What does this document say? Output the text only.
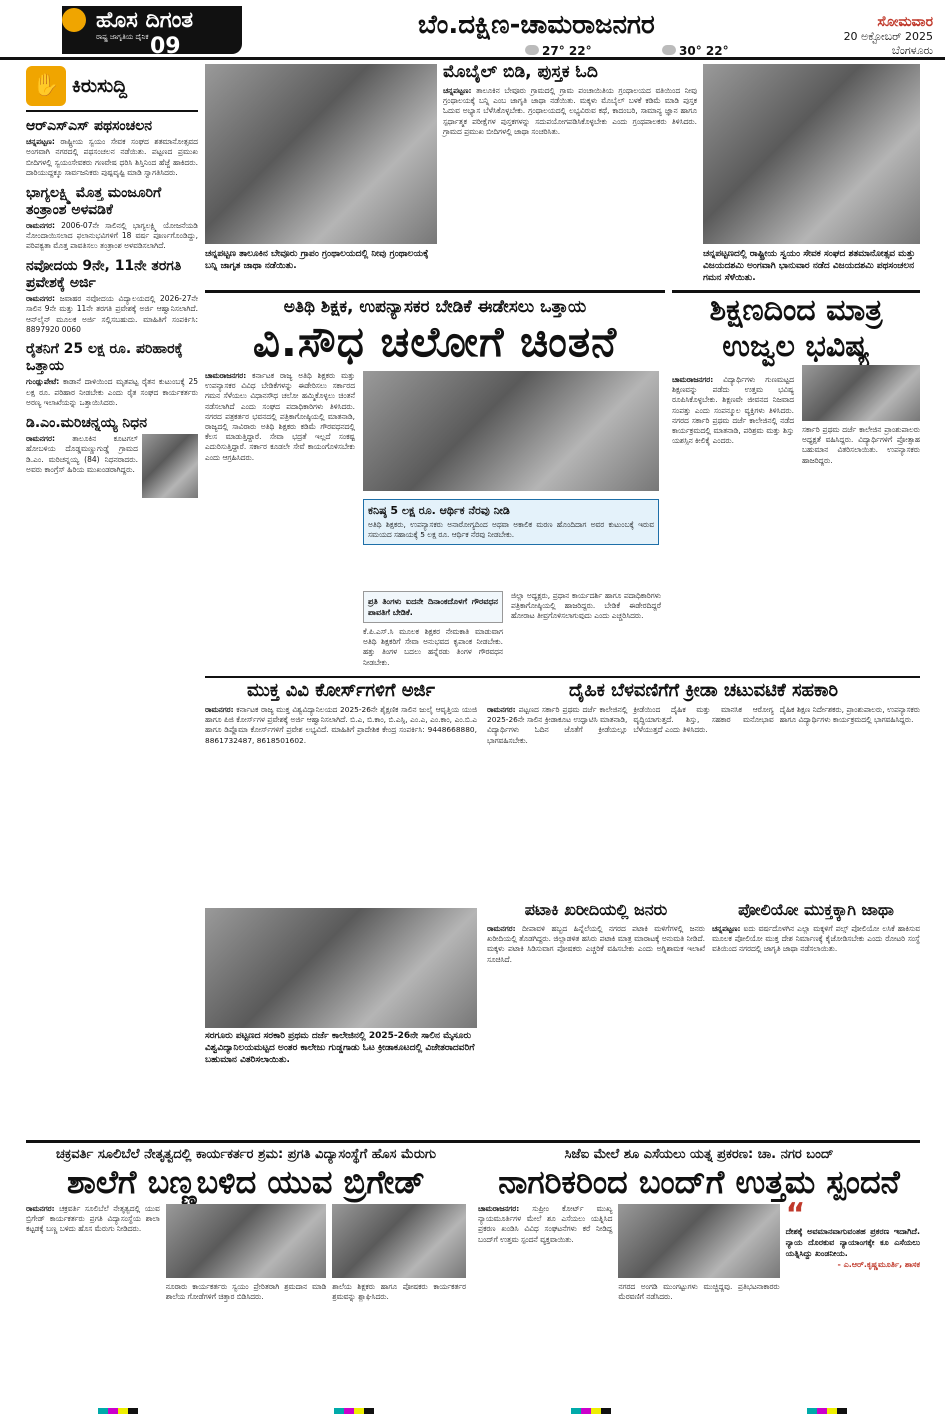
ಹೊಸ ದಿಗಂತ
ರಾಷ್ಟ್ರ ಜಾಗೃತಿಯ ದೈನಿಕ 09
ಬೆಂ.ದಕ್ಷಿಣ-ಚಾಮರಾಜನಗರ
27° 22°	30° 22°
ಸೋಮವಾರ
20 ಅಕ್ಟೋಬರ್ 2025
ಬೆಂಗಳೂರು
✋ ಕಿರುಸುದ್ದಿ
ಆರ್‌ಎಸ್‌ಎಸ್ ಪಥಸಂಚಲನ

ಚನ್ನಪಟ್ಟಣ: ರಾಷ್ಟ್ರೀಯ ಸ್ವಯಂ ಸೇವಕ ಸಂಘದ ಶತಮಾನೋತ್ಸವದ ಅಂಗವಾಗಿ ನಗರದಲ್ಲಿ ಪಥಸಂಚಲನ ನಡೆಯಿತು. ಪಟ್ಟಣದ ಪ್ರಮುಖ ಬೀದಿಗಳಲ್ಲಿ ಸ್ವಯಂಸೇವಕರು ಗಣವೇಷ ಧರಿಸಿ ಶಿಸ್ತಿನಿಂದ ಹೆಜ್ಜೆ ಹಾಕಿದರು. ದಾರಿಯುದ್ದಕ್ಕೂ ಸಾರ್ವಜನಿಕರು ಪುಷ್ಪವೃಷ್ಟಿ ಮಾಡಿ ಸ್ವಾಗತಿಸಿದರು.

ಭಾಗ್ಯಲಕ್ಷ್ಮಿ ಮೊತ್ತ ಮಂಜೂರಿಗೆ ತಂತ್ರಾಂಶ ಅಳವಡಿಕೆ

ರಾಮನಗರ: 2006-07ನೇ ಸಾಲಿನಲ್ಲಿ ಭಾಗ್ಯಲಕ್ಷ್ಮಿ ಯೋಜನೆಯಡಿ ನೋಂದಾಯಿಸಲಾದ ಫಲಾನುಭವಿಗಳಿಗೆ 18 ವರ್ಷ ಪೂರ್ಣಗೊಂಡಿದ್ದು, ಪರಿಪಕ್ವತಾ ಮೊತ್ತ ಪಾವತಿಸಲು ತಂತ್ರಾಂಶ ಅಳವಡಿಸಲಾಗಿದೆ.

ನವೋದಯ 9ನೇ, 11ನೇ ತರಗತಿ ಪ್ರವೇಶಕ್ಕೆ ಅರ್ಜಿ

ರಾಮನಗರ: ಜವಾಹರ ನವೋದಯ ವಿದ್ಯಾಲಯದಲ್ಲಿ 2026-27ನೇ ಸಾಲಿನ 9ನೇ ಮತ್ತು 11ನೇ ತರಗತಿ ಪ್ರವೇಶಕ್ಕೆ ಅರ್ಜಿ ಆಹ್ವಾನಿಸಲಾಗಿದೆ. ಆನ್‌ಲೈನ್ ಮೂಲಕ ಅರ್ಜಿ ಸಲ್ಲಿಸಬಹುದು. ಮಾಹಿತಿಗೆ ಸಂಪರ್ಕಿಸಿ: 8897920 0060

ರೈತನಿಗೆ 25 ಲಕ್ಷ ರೂ. ಪರಿಹಾರಕ್ಕೆ ಒತ್ತಾಯ

ಗುಂಡ್ಲುಪೇಟೆ: ಕಾಡಾನೆ ದಾಳಿಯಿಂದ ಮೃತಪಟ್ಟ ರೈತನ ಕುಟುಂಬಕ್ಕೆ 25 ಲಕ್ಷ ರೂ. ಪರಿಹಾರ ನೀಡಬೇಕು ಎಂದು ರೈತ ಸಂಘದ ಕಾರ್ಯಕರ್ತರು ಅರಣ್ಯ ಇಲಾಖೆಯನ್ನು ಒತ್ತಾಯಿಸಿದರು.

ಡಿ.ಎಂ.ಮರಿಚನ್ನಯ್ಯ ನಿಧನ

ರಾಮನಗರ: ತಾಲೂಕಿನ ಕೂಟಗಲ್ ಹೋಬಳಿಯ ದೊಡ್ಡಮಣ್ಣುಗುಡ್ಡೆ ಗ್ರಾಮದ ಡಿ.ಎಂ. ಮರಿಚನ್ನಯ್ಯ (84) ನಿಧನರಾದರು. ಅವರು ಕಾಂಗ್ರೆಸ್ ಹಿರಿಯ ಮುಖಂಡರಾಗಿದ್ದರು.

ಚನ್ನಪಟ್ಟಣ ತಾಲೂಕಿನ ಬೇವೂರು ಗ್ರಾಪಂ ಗ್ರಂಥಾಲಯದಲ್ಲಿ ನೀವು ಗ್ರಂಥಾಲಯಕ್ಕೆ ಬನ್ನಿ ಜಾಗೃತ ಜಾಥಾ ನಡೆಯಿತು.
ಮೊಬೈಲ್ ಬಿಡಿ, ಪುಸ್ತಕ ಓದಿ

ಚನ್ನಪಟ್ಟಣ: ತಾಲೂಕಿನ ಬೇವೂರು ಗ್ರಾಮದಲ್ಲಿ ಗ್ರಾಮ ಪಂಚಾಯಿತಿಯ ಗ್ರಂಥಾಲಯದ ವತಿಯಿಂದ ನೀವು ಗ್ರಂಥಾಲಯಕ್ಕೆ ಬನ್ನಿ ಎಂಬ ಜಾಗೃತಿ ಜಾಥಾ ನಡೆಯಿತು. ಮಕ್ಕಳು ಮೊಬೈಲ್ ಬಳಕೆ ಕಡಿಮೆ ಮಾಡಿ ಪುಸ್ತಕ ಓದುವ ಅಭ್ಯಾಸ ಬೆಳೆಸಿಕೊಳ್ಳಬೇಕು. ಗ್ರಂಥಾಲಯದಲ್ಲಿ ಲಭ್ಯವಿರುವ ಕಥೆ, ಕಾದಂಬರಿ, ಸಾಮಾನ್ಯ ಜ್ಞಾನ ಹಾಗೂ ಸ್ಪರ್ಧಾತ್ಮಕ ಪರೀಕ್ಷೆಗಳ ಪುಸ್ತಕಗಳನ್ನು ಸದುಪಯೋಗಪಡಿಸಿಕೊಳ್ಳಬೇಕು ಎಂದು ಗ್ರಂಥಪಾಲಕರು ತಿಳಿಸಿದರು. ಗ್ರಾಮದ ಪ್ರಮುಖ ಬೀದಿಗಳಲ್ಲಿ ಜಾಥಾ ಸಂಚರಿಸಿತು.

ಚನ್ನಪಟ್ಟಣದಲ್ಲಿ ರಾಷ್ಟ್ರೀಯ ಸ್ವಯಂ ಸೇವಕ ಸಂಘದ ಶತಮಾನೋತ್ಸವ ಮತ್ತು ವಿಜಯದಶಮಿ ಅಂಗವಾಗಿ ಭಾನುವಾರ ನಡೆದ ವಿಜಯದಶಮಿ ಪಥಸಂಚಲನ ಗಮನ ಸೆಳೆಯಿತು.
ಅತಿಥಿ ಶಿಕ್ಷಕ, ಉಪನ್ಯಾಸಕರ ಬೇಡಿಕೆ ಈಡೇಸಲು ಒತ್ತಾಯ
ವಿ.ಸೌಧ ಚಲೋಗೆ ಚಿಂತನೆ
ಚಾಮರಾಜನಗರ: ಕರ್ನಾಟಕ ರಾಜ್ಯ ಅತಿಥಿ ಶಿಕ್ಷಕರು ಮತ್ತು ಉಪನ್ಯಾಸಕರ ವಿವಿಧ ಬೇಡಿಕೆಗಳನ್ನು ಈಡೇರಿಸಲು ಸರ್ಕಾರದ ಗಮನ ಸೆಳೆಯಲು ವಿಧಾನಸೌಧ ಚಲೋ ಹಮ್ಮಿಕೊಳ್ಳಲು ಚಿಂತನೆ ನಡೆಸಲಾಗಿದೆ ಎಂದು ಸಂಘದ ಪದಾಧಿಕಾರಿಗಳು ತಿಳಿಸಿದರು. ನಗರದ ಪತ್ರಕರ್ತರ ಭವನದಲ್ಲಿ ಪತ್ರಿಕಾಗೋಷ್ಠಿಯಲ್ಲಿ ಮಾತನಾಡಿ, ರಾಜ್ಯದಲ್ಲಿ ಸಾವಿರಾರು ಅತಿಥಿ ಶಿಕ್ಷಕರು ಕಡಿಮೆ ಗೌರವಧನದಲ್ಲಿ ಕೆಲಸ ಮಾಡುತ್ತಿದ್ದಾರೆ. ಸೇವಾ ಭದ್ರತೆ ಇಲ್ಲದೆ ಸಂಕಷ್ಟ ಎದುರಿಸುತ್ತಿದ್ದಾರೆ. ಸರ್ಕಾರ ಕೂಡಲೇ ಸೇವೆ ಕಾಯಂಗೊಳಿಸಬೇಕು ಎಂದು ಆಗ್ರಹಿಸಿದರು.
ಕನಿಷ್ಠ 5 ಲಕ್ಷ ರೂ. ಆರ್ಥಿಕ ನೆರವು ನೀಡಿ

ಅತಿಥಿ ಶಿಕ್ಷಕರು, ಉಪನ್ಯಾಸಕರು ಅನಾರೋಗ್ಯದಿಂದ ಅಥವಾ ಅಕಾಲಿಕ ಮರಣ ಹೊಂದಿದಾಗ ಅವರ ಕುಟುಂಬಕ್ಕೆ ಇರುವ ಸಮಯದ ಸಹಾಯಕ್ಕೆ 5 ಲಕ್ಷ ರೂ. ಆರ್ಥಿಕ ನೆರವು ನೀಡಬೇಕು.

ಪ್ರತಿ ತಿಂಗಳು ಐದನೇ ದಿನಾಂಕದೊಳಗೆ ಗೌರವಧನ ಪಾವತಿಗೆ ಬೇಡಿಕೆ.
ಕೆ.ಪಿ.ಎಸ್.ಸಿ ಮೂಲಕ ಶಿಕ್ಷಕರ ನೇಮಕಾತಿ ಮಾಡುವಾಗ ಅತಿಥಿ ಶಿಕ್ಷಕರಿಗೆ ಸೇವಾ ಅನುಭವದ ಕೃಪಾಂಕ ನೀಡಬೇಕು. ಹತ್ತು ತಿಂಗಳ ಬದಲು ಹನ್ನೆರಡು ತಿಂಗಳ ಗೌರವಧನ ನೀಡಬೇಕು.
ಜಿಲ್ಲಾ ಅಧ್ಯಕ್ಷರು, ಪ್ರಧಾನ ಕಾರ್ಯದರ್ಶಿ ಹಾಗೂ ಪದಾಧಿಕಾರಿಗಳು ಪತ್ರಿಕಾಗೋಷ್ಠಿಯಲ್ಲಿ ಹಾಜರಿದ್ದರು. ಬೇಡಿಕೆ ಈಡೇರದಿದ್ದರೆ ಹೋರಾಟ ತೀವ್ರಗೊಳಿಸಲಾಗುವುದು ಎಂದು ಎಚ್ಚರಿಸಿದರು.
ಶಿಕ್ಷಣದಿಂದ ಮಾತ್ರ ಉಜ್ವಲ ಭವಿಷ್ಯ
ಚಾಮರಾಜನಗರ: ವಿದ್ಯಾರ್ಥಿಗಳು ಗುಣಮಟ್ಟದ ಶಿಕ್ಷಣವನ್ನು ಪಡೆದು ಉತ್ತಮ ಭವಿಷ್ಯ ರೂಪಿಸಿಕೊಳ್ಳಬೇಕು. ಶಿಕ್ಷಣವೇ ಜೀವನದ ನಿಜವಾದ ಸಂಪತ್ತು ಎಂದು ಸಂಪನ್ಮೂಲ ವ್ಯಕ್ತಿಗಳು ತಿಳಿಸಿದರು. ನಗರದ ಸರ್ಕಾರಿ ಪ್ರಥಮ ದರ್ಜೆ ಕಾಲೇಜಿನಲ್ಲಿ ನಡೆದ ಕಾರ್ಯಕ್ರಮದಲ್ಲಿ ಮಾತನಾಡಿ, ಪರಿಶ್ರಮ ಮತ್ತು ಶಿಸ್ತು ಯಶಸ್ಸಿನ ಕೀಲಿಕೈ ಎಂದರು.
ಸರ್ಕಾರಿ ಪ್ರಥಮ ದರ್ಜೆ ಕಾಲೇಜಿನ ಪ್ರಾಂಶುಪಾಲರು ಅಧ್ಯಕ್ಷತೆ ವಹಿಸಿದ್ದರು. ವಿದ್ಯಾರ್ಥಿಗಳಿಗೆ ಪ್ರೋತ್ಸಾಹ ಬಹುಮಾನ ವಿತರಿಸಲಾಯಿತು. ಉಪನ್ಯಾಸಕರು ಹಾಜರಿದ್ದರು.
ಮುಕ್ತ ವಿವಿ ಕೋರ್ಸ್‌ಗಳಿಗೆ ಅರ್ಜಿ

ರಾಮನಗರ: ಕರ್ನಾಟಕ ರಾಜ್ಯ ಮುಕ್ತ ವಿಶ್ವವಿದ್ಯಾನಿಲಯದ 2025-26ನೇ ಶೈಕ್ಷಣಿಕ ಸಾಲಿನ ಜುಲೈ ಆವೃತ್ತಿಯ ಯುಜಿ ಹಾಗೂ ಪಿಜಿ ಕೋರ್ಸ್‌ಗಳ ಪ್ರವೇಶಕ್ಕೆ ಅರ್ಜಿ ಆಹ್ವಾನಿಸಲಾಗಿದೆ. ಬಿ.ಎ, ಬಿ.ಕಾಂ, ಬಿ.ಎಸ್ಸಿ, ಎಂ.ಎ, ಎಂ.ಕಾಂ, ಎಂ.ಬಿ.ಎ ಹಾಗೂ ಡಿಪ್ಲೊಮಾ ಕೋರ್ಸ್‌ಗಳಿಗೆ ಪ್ರವೇಶ ಲಭ್ಯವಿದೆ. ಮಾಹಿತಿಗೆ ಪ್ರಾದೇಶಿಕ ಕೇಂದ್ರ ಸಂಪರ್ಕಿಸಿ: 9448668880, 8861732487, 8618501602.

ದೈಹಿಕ ಬೆಳವಣಿಗೆಗೆ ಕ್ರೀಡಾ ಚಟುವಟಿಕೆ ಸಹಕಾರಿ
ರಾಮನಗರ: ಪಟ್ಟಣದ ಸರ್ಕಾರಿ ಪ್ರಥಮ ದರ್ಜೆ ಕಾಲೇಜಿನಲ್ಲಿ 2025-26ನೇ ಸಾಲಿನ ಕ್ರೀಡಾಕೂಟ ಉದ್ಘಾಟಿಸಿ ಮಾತನಾಡಿ, ವಿದ್ಯಾರ್ಥಿಗಳು ಓದಿನ ಜೊತೆಗೆ ಕ್ರೀಡೆಯಲ್ಲೂ ಭಾಗವಹಿಸಬೇಕು.
ಕ್ರೀಡೆಯಿಂದ ದೈಹಿಕ ಮತ್ತು ಮಾನಸಿಕ ಆರೋಗ್ಯ ವೃದ್ಧಿಯಾಗುತ್ತದೆ. ಶಿಸ್ತು, ಸಹಕಾರ ಮನೋಭಾವ ಬೆಳೆಯುತ್ತದೆ ಎಂದು ತಿಳಿಸಿದರು.
ದೈಹಿಕ ಶಿಕ್ಷಣ ನಿರ್ದೇಶಕರು, ಪ್ರಾಂಶುಪಾಲರು, ಉಪನ್ಯಾಸಕರು ಹಾಗೂ ವಿದ್ಯಾರ್ಥಿಗಳು ಕಾರ್ಯಕ್ರಮದಲ್ಲಿ ಭಾಗವಹಿಸಿದ್ದರು.
ಸರಗೂರು ಪಟ್ಟಣದ ಸರಕಾರಿ ಪ್ರಥಮ ದರ್ಜೆ ಕಾಲೇಜಿನಲ್ಲಿ 2025-26ನೇ ಸಾಲಿನ ಮೈಸೂರು ವಿಶ್ವವಿದ್ಯಾನಿಲಯಮಟ್ಟದ ಅಂತರ ಕಾಲೇಜು ಗುಡ್ಡಗಾಡು ಓಟ ಕ್ರೀಡಾಕೂಟದಲ್ಲಿ ವಿಜೇತರಾದವರಿಗೆ ಬಹುಮಾನ ವಿತರಿಸಲಾಯಿತು.
ಪಟಾಕಿ ಖರೀದಿಯಲ್ಲಿ ಜನರು

ರಾಮನಗರ: ದೀಪಾವಳಿ ಹಬ್ಬದ ಹಿನ್ನೆಲೆಯಲ್ಲಿ ನಗರದ ಪಟಾಕಿ ಮಳಿಗೆಗಳಲ್ಲಿ ಜನರು ಖರೀದಿಯಲ್ಲಿ ತೊಡಗಿದ್ದರು. ಜಿಲ್ಲಾಡಳಿತ ಹಸಿರು ಪಟಾಕಿ ಮಾತ್ರ ಮಾರಾಟಕ್ಕೆ ಅನುಮತಿ ನೀಡಿದೆ. ಮಕ್ಕಳು ಪಟಾಕಿ ಸಿಡಿಸುವಾಗ ಪೋಷಕರು ಎಚ್ಚರಿಕೆ ವಹಿಸಬೇಕು ಎಂದು ಅಗ್ನಿಶಾಮಕ ಇಲಾಖೆ ಸೂಚಿಸಿದೆ.

ಪೋಲಿಯೋ ಮುಕ್ತಕ್ಕಾಗಿ ಜಾಥಾ

ಚನ್ನಪಟ್ಟಣ: ಐದು ವರ್ಷದೊಳಗಿನ ಎಲ್ಲಾ ಮಕ್ಕಳಿಗೆ ಪಲ್ಸ್ ಪೋಲಿಯೋ ಲಸಿಕೆ ಹಾಕಿಸುವ ಮೂಲಕ ಪೋಲಿಯೋ ಮುಕ್ತ ದೇಶ ನಿರ್ಮಾಣಕ್ಕೆ ಕೈಜೋಡಿಸಬೇಕು ಎಂದು ರೋಟರಿ ಸಂಸ್ಥೆ ವತಿಯಿಂದ ನಗರದಲ್ಲಿ ಜಾಗೃತಿ ಜಾಥಾ ನಡೆಸಲಾಯಿತು.

ಚಕ್ರವರ್ತಿ ಸೂಲಿಬೆಲೆ ನೇತೃತ್ವದಲ್ಲಿ ಕಾರ್ಯಕರ್ತರ ಶ್ರಮ: ಪ್ರಗತಿ ವಿದ್ಯಾಸಂಸ್ಥೆಗೆ ಹೊಸ ಮೆರುಗು
ಶಾಲೆಗೆ ಬಣ್ಣಬಳಿದ ಯುವ ಬ್ರಿಗೇಡ್
ರಾಮನಗರ: ಚಕ್ರವರ್ತಿ ಸೂಲಿಬೆಲೆ ನೇತೃತ್ವದಲ್ಲಿ ಯುವ ಬ್ರಿಗೇಡ್ ಕಾರ್ಯಕರ್ತರು ಪ್ರಗತಿ ವಿದ್ಯಾಸಂಸ್ಥೆಯ ಶಾಲಾ ಕಟ್ಟಡಕ್ಕೆ ಬಣ್ಣ ಬಳಿದು ಹೊಸ ಮೆರುಗು ನೀಡಿದರು.
ನೂರಾರು ಕಾರ್ಯಕರ್ತರು ಸ್ವಯಂ ಪ್ರೇರಿತರಾಗಿ ಶ್ರಮದಾನ ಮಾಡಿ ಶಾಲೆಯ ಗೋಡೆಗಳಿಗೆ ಚಿತ್ತಾರ ಬಿಡಿಸಿದರು.
ಶಾಲೆಯ ಶಿಕ್ಷಕರು ಹಾಗೂ ಪೋಷಕರು ಕಾರ್ಯಕರ್ತರ ಶ್ರಮವನ್ನು ಶ್ಲಾಘಿಸಿದರು.
ಸಿಜೆಐ ಮೇಲೆ ಶೂ ಎಸೆಯಲು ಯತ್ನ ಪ್ರಕರಣ: ಚಾ. ನಗರ ಬಂದ್
ನಾಗರಿಕರಿಂದ ಬಂದ್‌ಗೆ ಉತ್ತಮ ಸ್ಪಂದನೆ
ಚಾಮರಾಜನಗರ: ಸುಪ್ರೀಂ ಕೋರ್ಟ್ ಮುಖ್ಯ ನ್ಯಾಯಮೂರ್ತಿಗಳ ಮೇಲೆ ಶೂ ಎಸೆಯಲು ಯತ್ನಿಸಿದ ಪ್ರಕರಣ ಖಂಡಿಸಿ ವಿವಿಧ ಸಂಘಟನೆಗಳು ಕರೆ ನೀಡಿದ್ದ ಬಂದ್‌ಗೆ ಉತ್ತಮ ಸ್ಪಂದನೆ ವ್ಯಕ್ತವಾಯಿತು.
ನಗರದ ಅಂಗಡಿ ಮುಂಗಟ್ಟುಗಳು ಮುಚ್ಚಿದ್ದವು. ಪ್ರತಿಭಟನಾಕಾರರು ಮೆರವಣಿಗೆ ನಡೆಸಿದರು.
“
ದೇಶಕ್ಕೆ ಅವಮಾನವಾಗುವಂತಹ ಪ್ರಕರಣ ಇದಾಗಿದೆ. ನ್ಯಾಯ ದೊರಕುವ ನ್ಯಾಯಾಂಗಕ್ಕೇ ಕೂ ಎಸೆಯಲು ಯತ್ನಿಸಿದ್ದು ಖಂಡನೀಯ.
- ಎ.ಆರ್.ಕೃಷ್ಣಮೂರ್ತಿ, ಶಾಸಕ
